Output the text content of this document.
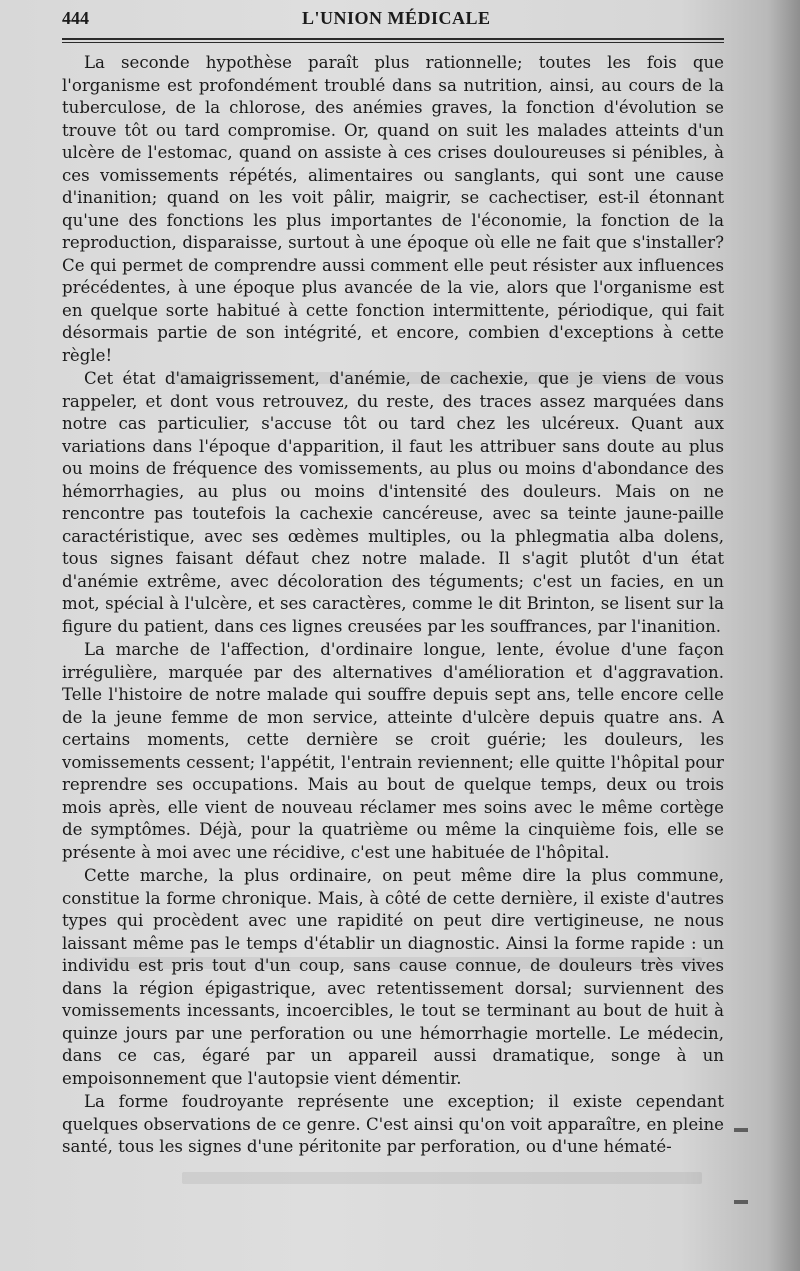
444	L'UNION MÉDICALE

La seconde hypothèse paraît plus rationnelle; toutes les fois que l'organisme est profondément troublé dans sa nutrition, ainsi, au cours de la tuberculose, de la chlorose, des anémies graves, la fonction d'évolution se trouve tôt ou tard compromise. Or, quand on suit les malades atteints d'un ulcère de l'estomac, quand on assiste à ces crises douloureuses si pénibles, à ces vomissements répétés, alimentaires ou sanglants, qui sont une cause d'inanition; quand on les voit pâlir, maigrir, se cachectiser, est-il étonnant qu'une des fonctions les plus importantes de l'économie, la fonction de la reproduction, disparaisse, surtout à une époque où elle ne fait que s'installer? Ce qui permet de comprendre aussi comment elle peut résister aux influences précédentes, à une époque plus avancée de la vie, alors que l'organisme est en quelque sorte habitué à cette fonction intermittente, périodique, qui fait désormais partie de son intégrité, et encore, combien d'exceptions à cette règle!

Cet état d'amaigrissement, d'anémie, de cachexie, que je viens de vous rappeler, et dont vous retrouvez, du reste, des traces assez marquées dans notre cas particulier, s'accuse tôt ou tard chez les ulcéreux. Quant aux variations dans l'époque d'apparition, il faut les attribuer sans doute au plus ou moins de fréquence des vomissements, au plus ou moins d'abondance des hémorrhagies, au plus ou moins d'intensité des douleurs. Mais on ne rencontre pas toutefois la cachexie cancéreuse, avec sa teinte jaune-paille caractéristique, avec ses œdèmes multiples, ou la phlegmatia alba dolens, tous signes faisant défaut chez notre malade. Il s'agit plutôt d'un état d'anémie extrême, avec décoloration des téguments; c'est un facies, en un mot, spécial à l'ulcère, et ses caractères, comme le dit Brinton, se lisent sur la figure du patient, dans ces lignes creusées par les souffrances, par l'inanition.

La marche de l'affection, d'ordinaire longue, lente, évolue d'une façon irrégulière, marquée par des alternatives d'amélioration et d'aggravation. Telle l'histoire de notre malade qui souffre depuis sept ans, telle encore celle de la jeune femme de mon service, atteinte d'ulcère depuis quatre ans. A certains moments, cette dernière se croit guérie; les douleurs, les vomissements cessent; l'appétit, l'entrain reviennent; elle quitte l'hôpital pour reprendre ses occupations. Mais au bout de quelque temps, deux ou trois mois après, elle vient de nouveau réclamer mes soins avec le même cortège de symptômes. Déjà, pour la quatrième ou même la cinquième fois, elle se présente à moi avec une récidive, c'est une habituée de l'hôpital.

Cette marche, la plus ordinaire, on peut même dire la plus commune, constitue la forme chronique. Mais, à côté de cette dernière, il existe d'autres types qui procèdent avec une rapidité on peut dire vertigineuse, ne nous laissant même pas le temps d'établir un diagnostic. Ainsi la forme rapide : un individu est pris tout d'un coup, sans cause connue, de douleurs très vives dans la région épigastrique, avec retentissement dorsal; surviennent des vomissements incessants, incoercibles, le tout se terminant au bout de huit à quinze jours par une perforation ou une hémorrhagie mortelle. Le médecin, dans ce cas, égaré par un appareil aussi dramatique, songe à un empoisonnement que l'autopsie vient démentir.

La forme foudroyante représente une exception; il existe cependant quelques observations de ce genre. C'est ainsi qu'on voit apparaître, en pleine santé, tous les signes d'une péritonite par perforation, ou d'une hématé-
